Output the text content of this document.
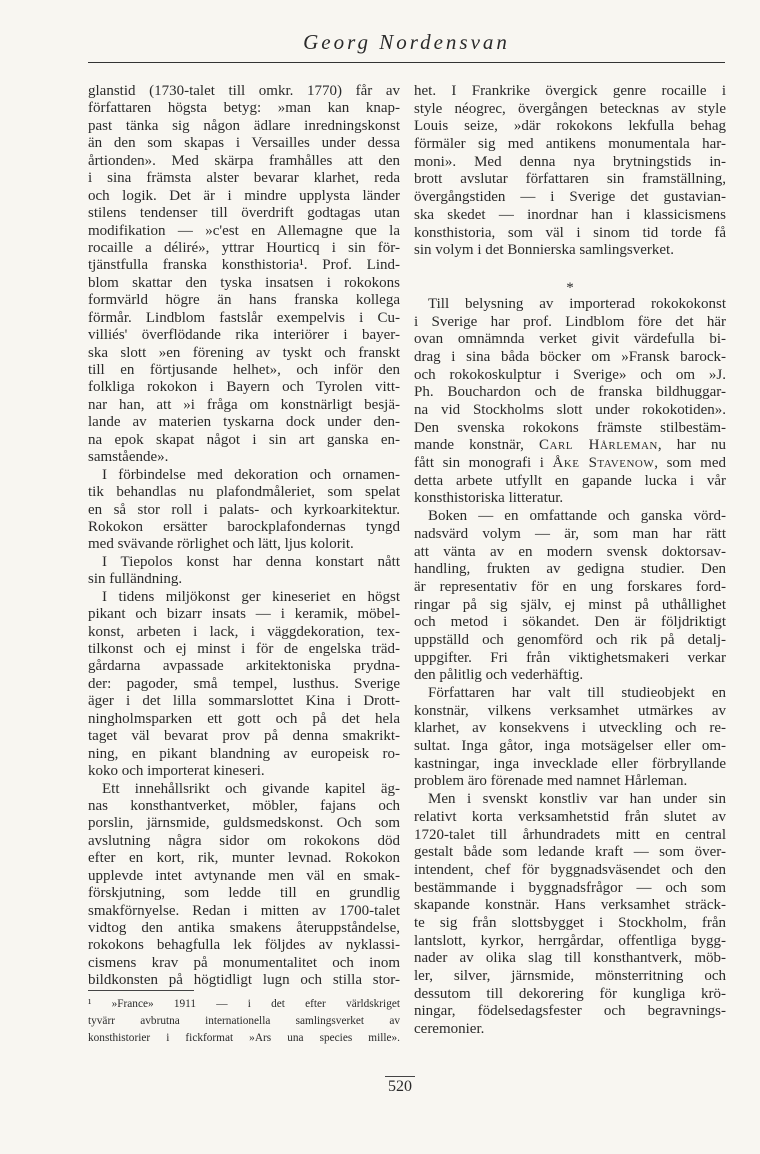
Georg Nordensvan
glanstid (1730-talet till omkr. 1770) får av
författaren högsta betyg: »man kan knap-
past tänka sig någon ädlare inredningskonst
än den som skapas i Versailles under dessa
årtionden». Med skärpa framhålles att den
i sina främsta alster bevarar klarhet, reda
och logik. Det är i mindre upplysta länder
stilens tendenser till överdrift godtagas utan
modifikation — »c'est en Allemagne que la
rocaille a déliré», yttrar Hourticq i sin för-
tjänstfulla franska konsthistoria¹. Prof. Lind-
blom skattar den tyska insatsen i rokokons
formvärld högre än hans franska kollega
förmår. Lindblom fastslår exempelvis i Cu-
villiés' överflödande rika interiörer i bayer-
ska slott »en förening av tyskt och franskt
till en förtjusande helhet», och inför den
folkliga rokokon i Bayern och Tyrolen vitt-
nar han, att »i fråga om konstnärligt besjä-
lande av materien tyskarna dock under den-
na epok skapat något i sin art ganska en-
samstående».
I förbindelse med dekoration och ornamen-
tik behandlas nu plafondmåleriet, som spelat
en så stor roll i palats- och kyrkoarkitektur.
Rokokon ersätter barockplafondernas tyngd
med svävande rörlighet och lätt, ljus kolorit.
I Tiepolos konst har denna konstart nått
sin fulländning.
I tidens miljökonst ger kineseriet en högst
pikant och bizarr insats — i keramik, möbel-
konst, arbeten i lack, i väggdekoration, tex-
tilkonst och ej minst i för de engelska träd-
gårdarna avpassade arkitektoniska prydna-
der: pagoder, små tempel, lusthus. Sverige
äger i det lilla sommarslottet Kina i Drott-
ningholmsparken ett gott och på det hela
taget väl bevarat prov på denna smakrikt-
ning, en pikant blandning av europeisk ro-
koko och importerat kineseri.
Ett innehållsrikt och givande kapitel äg-
nas konsthantverket, möbler, fajans och
porslin, järnsmide, guldsmedskonst. Och som
avslutning några sidor om rokokons död
efter en kort, rik, munter levnad. Rokokon
upplevde intet avtynande men väl en smak-
förskjutning, som ledde till en grundlig
smakförnyelse. Redan i mitten av 1700-talet
vidtog den antika smakens återuppståndelse,
rokokons behagfulla lek följdes av nyklassi-
cismens krav på monumentalitet och inom
bildkonsten på högtidligt lugn och stilla stor-
het. I Frankrike övergick genre rocaille i
style néogrec, övergången betecknas av style
Louis seize, »där rokokons lekfulla behag
förmäler sig med antikens monumentala har-
moni». Med denna nya brytningstids in-
brott avslutar författaren sin framställning,
övergångstiden — i Sverige det gustavian-
ska skedet — inordnar han i klassicismens
konsthistoria, som väl i sinom tid torde få
sin volym i det Bonnierska samlingsverket.
*
Till belysning av importerad rokokokonst
i Sverige har prof. Lindblom före det här
ovan omnämnda verket givit värdefulla bi-
drag i sina båda böcker om »Fransk barock-
och rokokoskulptur i Sverige» och om »J.
Ph. Bouchardon och de franska bildhuggar-
na vid Stockholms slott under rokokotiden».
Den svenska rokokons främste stilbestäm-
mande konstnär, Carl Hårleman, har nu
fått sin monografi i Åke Stavenow, som med
detta arbete utfyllt en gapande lucka i vår
konsthistoriska litteratur.
Boken — en omfattande och ganska vörd-
nadsvärd volym — är, som man har rätt
att vänta av en modern svensk doktorsav-
handling, frukten av gedigna studier. Den
är representativ för en ung forskares ford-
ringar på sig själv, ej minst på uthållighet
och metod i sökandet. Den är följdriktigt
uppställd och genomförd och rik på detalj-
uppgifter. Fri från viktighetsmakeri verkar
den pålitlig och vederhäftig.
Författaren har valt till studieobjekt en
konstnär, vilkens verksamhet utmärkes av
klarhet, av konsekvens i utveckling och re-
sultat. Inga gåtor, inga motsägelser eller om-
kastningar, inga invecklade eller förbryllande
problem äro förenade med namnet Hårleman.
Men i svenskt konstliv var han under sin
relativt korta verksamhetstid från slutet av
1720-talet till århundradets mitt en central
gestalt både som ledande kraft — som över-
intendent, chef för byggnadsväsendet och den
bestämmande i byggnadsfrågor — och som
skapande konstnär. Hans verksamhet sträck-
te sig från slottsbygget i Stockholm, från
lantslott, kyrkor, herrgårdar, offentliga bygg-
nader av olika slag till konsthantverk, möb-
ler, silver, järnsmide, mönsterritning och
dessutom till dekorering för kungliga krö-
ningar, födelsedagsfester och begravnings-
ceremonier.
¹ »France» 1911 — i det efter världskriget
tyvärr avbrutna internationella samlingsverket av
konsthistorier i fickformat »Ars una species mille».
520
